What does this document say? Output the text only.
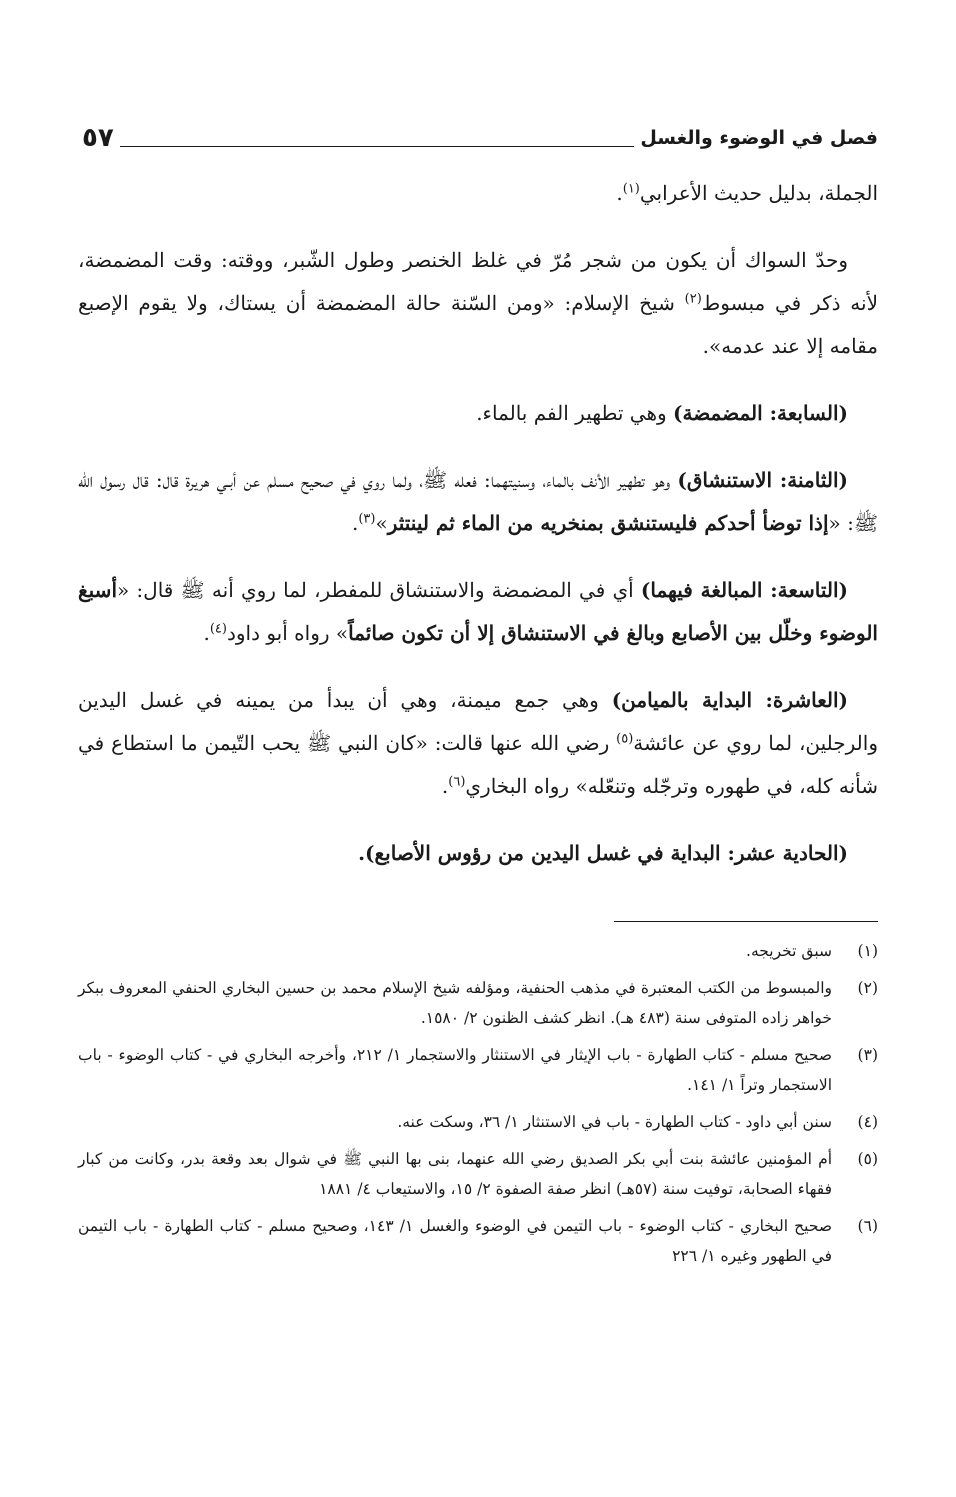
٥٧	فصل في الوضوء والغسل

الجملة، بدليل حديث الأعرابي$^{(١)}$.

وحدّ السواك أن يكون من شجر مُرّ في غلظ الخنصر وطول الشّبر، ووقته: وقت المضمضة، لأنه ذكر في مبسوط$^{(٢)}$ شيخ الإسلام: «ومن السّنة حالة المضمضة أن يستاك، ولا يقوم الإصبع مقامه إلا عند عدمه».

(السابعة: المضمضة) وهي تطهير الفم بالماء.

(الثامنة: الاستنشاق) وهو تطهير الأنف بالماء، وسنيتهما: فعله ﷺ، ولما روي في صحيح مسلم عن أبـي هريرة قال: قال رسول الله ﷺ: «إذا توضأ أحدكم فليستنشق بمنخريه من الماء ثم لينتثر»$^{(٣)}$.

(التاسعة: المبالغة فيهما) أي في المضمضة والاستنشاق للمفطر، لما روي أنه ﷺ قال: «أسبغ الوضوء وخلّل بين الأصابع وبالغ في الاستنشاق إلا أن تكون صائماً» رواه أبو داود$^{(٤)}$.

(العاشرة: البداية بالميامن) وهي جمع ميمنة، وهي أن يبدأ من يمينه في غسل اليدين والرجلين، لما روي عن عائشة$^{(٥)}$ رضي الله عنها قالت: «كان النبي ﷺ يحب التّيمن ما استطاع في شأنه كله، في طهوره وترجّله وتنعّله» رواه البخاري$^{(٦)}$.

(الحادية عشر: البداية في غسل اليدين من رؤوس الأصابع).

(١)
سبق تخريجه.
(٢)
والمبسوط من الكتب المعتبرة في مذهب الحنفية، ومؤلفه شيخ الإسلام محمد بن حسين البخاري الحنفي المعروف ببكر خواهر زاده المتوفى سنة (٤٨٣ هـ). انظر كشف الظنون ٢/ ١٥٨٠.
(٣)
صحيح مسلم - كتاب الطهارة - باب الإيثار في الاستنثار والاستجمار ١/ ٢١٢، وأخرجه البخاري في - كتاب الوضوء - باب الاستجمار وتراً ١/ ١٤١.
(٤)
سنن أبي داود - كتاب الطهارة - باب في الاستنثار ١/ ٣٦، وسكت عنه.
(٥)
أم المؤمنين عائشة بنت أبي بكر الصديق رضي الله عنهما، بنى بها النبي ﷺ في شوال بعد وقعة بدر، وكانت من كبار فقهاء الصحابة، توفيت سنة (٥٧هـ) انظر صفة الصفوة ٢/ ١٥، والاستيعاب ٤/ ١٨٨١
(٦)
صحيح البخاري - كتاب الوضوء - باب التيمن في الوضوء والغسل ١/ ١٤٣، وصحيح مسلم - كتاب الطهارة - باب التيمن في الطهور وغيره ١/ ٢٢٦
